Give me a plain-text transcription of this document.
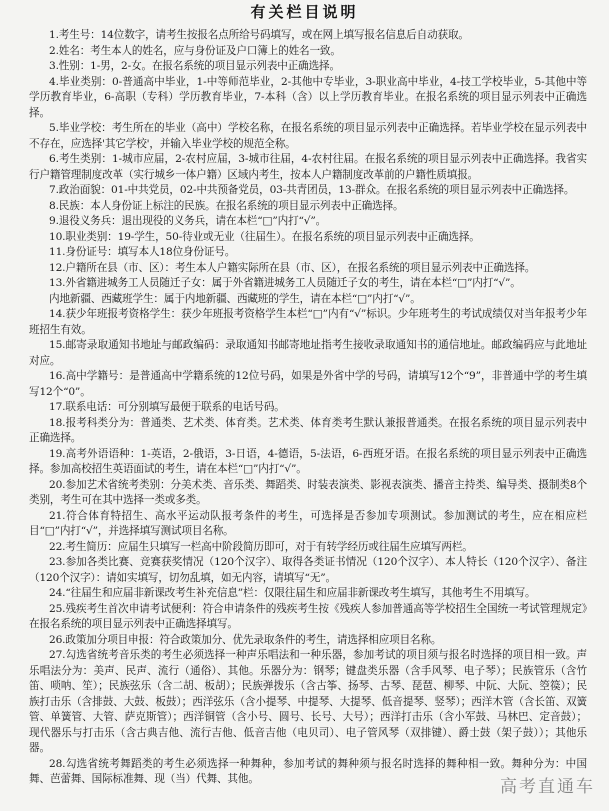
有关栏目说明

1.考生号：14位数字，请考生按报名点所给号码填写，或在网上填写报名信息后自动获取。

2.姓名：考生本人的姓名，应与身份证及户口簿上的姓名一致。

3.性别：1-男，2-女。在报名系统的项目显示列表中正确选择。

4.毕业类别：0-普通高中毕业，1-中等师范毕业，2-其他中专毕业，3-职业高中毕业，4-技工学校毕业，5-其他中等学历教育毕业，6-高职（专科）学历教育毕业，7-本科（含）以上学历教育毕业。在报名系统的项目显示列表中正确选择。

5.毕业学校：考生所在的毕业（高中）学校名称，在报名系统的项目显示列表中正确选择。若毕业学校在显示列表中不存在，应选择'其它学校'，并输入毕业学校的规范全称。

6.考生类别：1-城市应届，2-农村应届，3-城市往届，4-农村往届。在报名系统的项目显示列表中正确选择。我省实行户籍管理制度改革（实行城乡一体户籍）区域内考生，按本人户籍制度改革前的户籍性质填报。

7.政治面貌：01-中共党员，02-中共预备党员，03-共青团员，13-群众。在报名系统的项目显示列表中正确选择。

8.民族：本人身份证上标注的民族。在报名系统的项目显示列表中正确选择。

9.退役义务兵：退出现役的义务兵，请在本栏“□”内打“√”。

10.职业类别：19-学生，50-待业或无业（往届生）。在报名系统的项目显示列表中正确选择。

11.身份证号：填写本人18位身份证号。

12.户籍所在县（市、区）：考生本人户籍实际所在县（市、区），在报名系统的项目显示列表中正确选择。

13.外省籍进城务工人员随迁子女：属于外省籍进城务工人员随迁子女的考生，请在本栏“□”内打“√”。

内地新疆、西藏班学生：属于内地新疆、西藏班的学生，请在本栏“□”内打“√”。

14.获少年班报考资格学生：获少年班报考资格学生本栏“□”内有“√”标识。少年班考生的考试成绩仅对当年报考少年班招生有效。

15.邮寄录取通知书地址与邮政编码：录取通知书邮寄地址指考生接收录取通知书的通信地址。邮政编码应与此地址对应。

16.高中学籍号：是普通高中学籍系统的12位号码，如果是外省中学的号码，请填写12个“9”，非普通中学的考生填写12个“0”。

17.联系电话：可分别填写最便于联系的电话号码。

18.报考科类分为：普通类、艺术类、体育类。艺术类、体育类考生默认兼报普通类。在报名系统的项目显示列表中正确选择。

19.高考外语语种：1-英语，2-俄语，3-日语，4-德语，5-法语，6-西班牙语。在报名系统的项目显示列表中正确选择。参加高校招生英语面试的考生，请在本栏“□”内打“√”。

20.参加艺术省统考类别：分美术类、音乐类、舞蹈类、时装表演类、影视表演类、播音主持类、编导类、摄制类8个类别，考生可在其中选择一类或多类。

21.符合体育特招生、高水平运动队报考条件的考生，可选择是否参加专项测试。参加测试的考生，应在相应栏目“□”内打“√”，并选择填写测试项目名称。

22.考生简历：应届生只填写一栏高中阶段简历即可，对于有转学经历或往届生应填写两栏。

23.参加各类比赛、竞赛获奖情况（120个汉字）、取得各类证书情况（120个汉字）、本人特长（120个汉字）、备注（120个汉字）：请如实填写，切勿乱填，如无内容，请填写“无”。

24.“往届生和应届非新课改考生补充信息”栏：仅限往届生和应届非新课改考生填写，其他考生不用填写。

25.残疾考生首次申请考试便利：符合申请条件的残疾考生按《残疾人参加普通高等学校招生全国统一考试管理规定》在报名系统的项目显示列表中正确选择填写。

26.政策加分项目申报：符合政策加分、优先录取条件的考生，请选择相应项目名称。

27.勾选省统考音乐类的考生必须选择一种声乐唱法和一种乐器，参加考试的项目须与报名时选择的项目相一致。声乐唱法分为：美声、民声、流行（通俗）、其他。乐器分为：钢琴；键盘类乐器（含手风琴、电子琴）；民族管乐（含竹笛、唢呐、笙）；民族弦乐（含二胡、板胡）；民族弹拨乐（含古筝、扬琴、古琴、琵琶、柳琴、中阮、大阮、箜篌）；民族打击乐（含排鼓、大鼓、板鼓）；西洋弦乐（含小提琴、中提琴、大提琴、低音提琴、竖琴）；西洋木管（含长笛、双簧管、单簧管、大管、萨克斯管）；西洋铜管（含小号、圆号、长号、大号）；西洋打击乐（含小军鼓、马林巴、定音鼓）；现代器乐与打击乐（含古典吉他、流行吉他、低音吉他（电贝司）、电子管风琴（双排键）、爵士鼓（架子鼓））；其他乐器。

28.勾选省统考舞蹈类的考生必须选择一种舞种，参加考试的舞种须与报名时选择的舞种相一致。舞种分为：中国舞、芭蕾舞、国际标准舞、现（当）代舞、其他。	高考直通车
